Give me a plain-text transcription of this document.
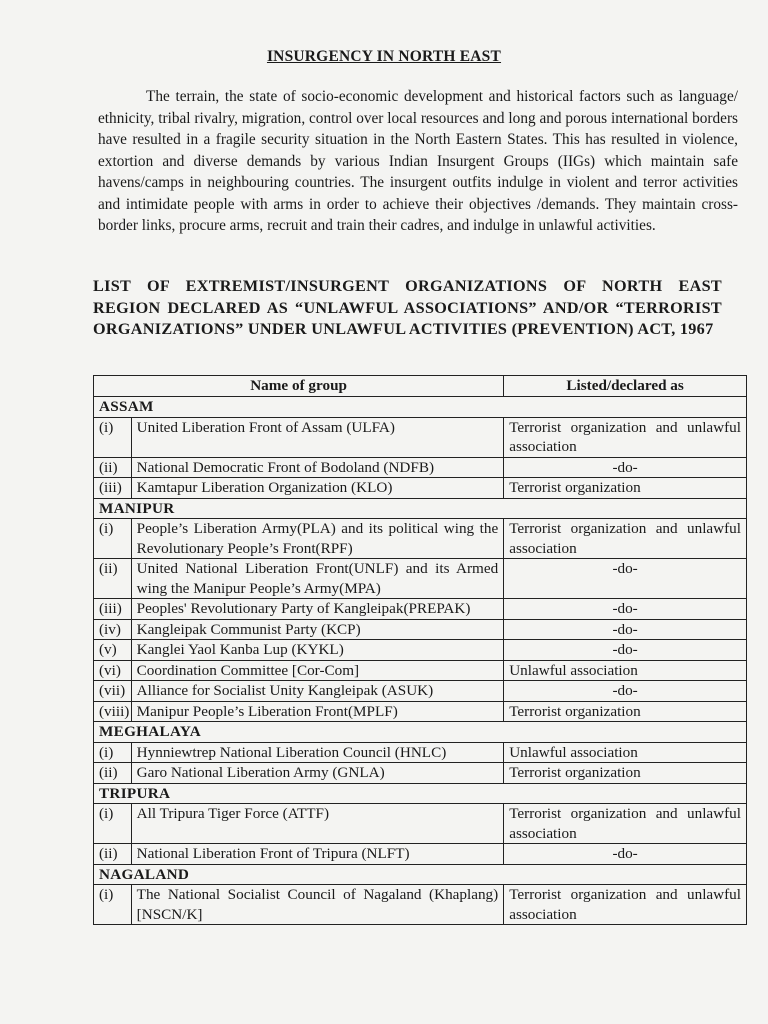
INSURGENCY IN NORTH EAST

The terrain, the state of socio-economic development and historical factors such as language/ ethnicity, tribal rivalry, migration, control over local resources and long and porous international borders have resulted in a fragile security situation in the North Eastern States. This has resulted in violence, extortion and diverse demands by various Indian Insurgent Groups (IIGs) which maintain safe havens/camps in neighbouring countries. The insurgent outfits indulge in violent and terror activities and intimidate people with arms in order to achieve their objectives /demands. They maintain cross-border links, procure arms, recruit and train their cadres, and indulge in unlawful activities.

LIST OF EXTREMIST/INSURGENT ORGANIZATIONS OF NORTH EAST REGION DECLARED AS “UNLAWFUL ASSOCIATIONS” AND/OR “TERRORIST ORGANIZATIONS” UNDER UNLAWFUL ACTIVITIES (PREVENTION) ACT, 1967

Name of group		Listed/declared as
ASSAM		
(i)	United Liberation Front of Assam (ULFA)	Terrorist organization and unlawful association
(ii)	National Democratic Front of Bodoland (NDFB)	-do-
(iii)	Kamtapur Liberation Organization (KLO)	Terrorist organization
MANIPUR		
(i)	People’s Liberation Army(PLA) and its political wing the Revolutionary People’s Front(RPF)	Terrorist organization and unlawful association
(ii)	United National Liberation Front(UNLF) and its Armed wing the Manipur People’s Army(MPA)	-do-
(iii)	Peoples' Revolutionary Party of Kangleipak(PREPAK)	-do-
(iv)	Kangleipak Communist Party (KCP)	-do-
(v)	Kanglei Yaol Kanba Lup (KYKL)	-do-
(vi)	Coordination Committee [Cor-Com]	Unlawful association
(vii)	Alliance for Socialist Unity Kangleipak (ASUK)	-do-
(viii)	Manipur People’s Liberation Front(MPLF)	Terrorist organization
MEGHALAYA		
(i)	Hynniewtrep National Liberation Council (HNLC)	Unlawful association
(ii)	Garo National Liberation Army (GNLA)	Terrorist organization
TRIPURA		
(i)	All Tripura Tiger Force (ATTF)	Terrorist organization and unlawful association
(ii)	National Liberation Front of Tripura (NLFT)	-do-
NAGALAND		
(i)	The National Socialist Council of Nagaland (Khaplang) [NSCN/K]	Terrorist organization and unlawful association
